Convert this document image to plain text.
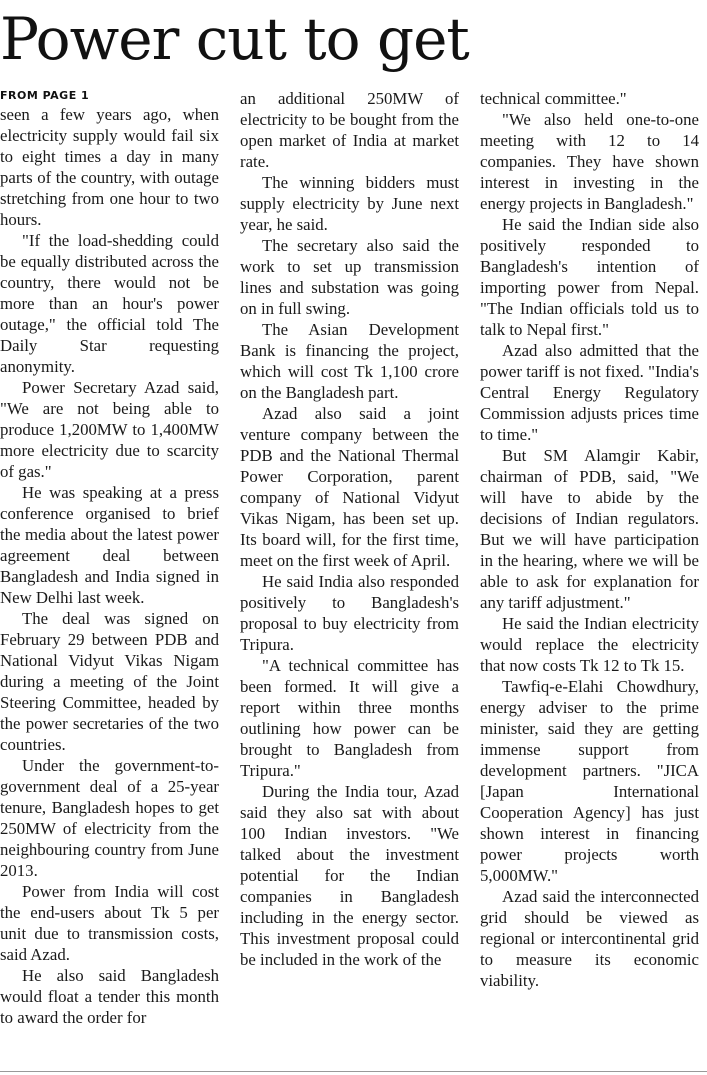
Power cut to get
FROM PAGE 1

seen a few years ago, when electricity supply would fail six to eight times a day in many parts of the country, with outage stretching from one hour to two hours.

"If the load-shedding could be equally distributed across the country, there would not be more than an hour's power outage," the official told The Daily Star requesting anonymity.

Power Secretary Azad said, "We are not being able to produce 1,200MW to 1,400MW more electricity due to scarcity of gas."

He was speaking at a press conference organised to brief the media about the latest power agreement deal between Bangladesh and India signed in New Delhi last week.

The deal was signed on February 29 between PDB and National Vidyut Vikas Nigam during a meeting of the Joint Steering Committee, headed by the power secretaries of the two countries.

Under the government-to-government deal of a 25-year tenure, Bangladesh hopes to get 250MW of electricity from the neighbouring country from June 2013.

Power from India will cost the end-users about Tk 5 per unit due to transmission costs, said Azad.

He also said Bangladesh would float a tender this month to award the order for

an additional 250MW of electricity to be bought from the open market of India at market rate.

The winning bidders must supply electricity by June next year, he said.

The secretary also said the work to set up transmission lines and substation was going on in full swing.

The Asian Development Bank is financing the project, which will cost Tk 1,100 crore on the Bangladesh part.

Azad also said a joint venture company between the PDB and the National Thermal Power Corporation, parent company of National Vidyut Vikas Nigam, has been set up. Its board will, for the first time, meet on the first week of April.

He said India also responded positively to Bangladesh's proposal to buy electricity from Tripura.

"A technical committee has been formed. It will give a report within three months outlining how power can be brought to Bangladesh from Tripura."

During the India tour, Azad said they also sat with about 100 Indian investors. "We talked about the investment potential for the Indian companies in Bangladesh including in the energy sector. This investment proposal could be included in the work of the

technical committee."

"We also held one-to-one meeting with 12 to 14 companies. They have shown interest in investing in the energy projects in Bangladesh."

He said the Indian side also positively responded to Bangladesh's intention of importing power from Nepal. "The Indian officials told us to talk to Nepal first."

Azad also admitted that the power tariff is not fixed. "India's Central Energy Regulatory Commission adjusts prices time to time."

But SM Alamgir Kabir, chairman of PDB, said, "We will have to abide by the decisions of Indian regulators. But we will have participation in the hearing, where we will be able to ask for explanation for any tariff adjustment."

He said the Indian electricity would replace the electricity that now costs Tk 12 to Tk 15.

Tawfiq-e-Elahi Chowdhury, energy adviser to the prime minister, said they are getting immense support from development partners. "JICA [Japan International Cooperation Agency] has just shown interest in financing power projects worth 5,000MW."

Azad said the interconnected grid should be viewed as regional or intercontinental grid to measure its economic viability.
